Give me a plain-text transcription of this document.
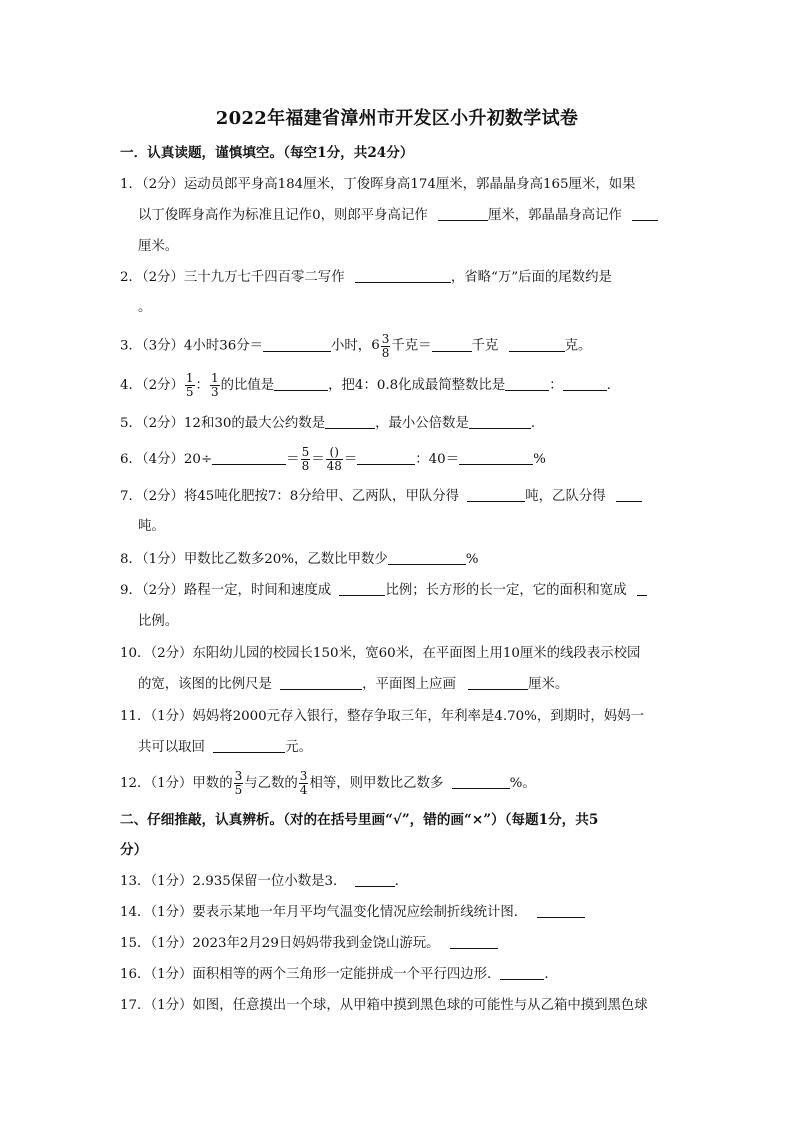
2022年福建省漳州市开发区小升初数学试卷
一．认真读题，谨慎填空。（每空1分，共24分）
1．（2分）运动员郎平身高184厘米，丁俊晖身高174厘米，郭晶晶身高165厘米，如果
以丁俊晖身高作为标准且记作0，则郎平身高记作	厘米，郭晶晶身高记作
厘米。
2．（2分）三十九万七千四百零二写作	，省略“万”后面的尾数约是
。
3．（3分）4小时36分＝	小时，$6 \frac{3}{8}$ 千克＝	千克	克。
4．（2分） $\frac{1}{5}$ ： $\frac{1}{3}$ 的比值是	，把4：0.8化成最简整数比是	：	.
5．（2分）12和30的最大公约数是	，最小公倍数是	.
6．（4分）20÷	＝ $\frac{5}{8} = \frac{()}{48}$ ＝	：40＝	%
7．（2分）将45吨化肥按7：8分给甲、乙两队，甲队分得	吨，乙队分得
吨。
8．（1分）甲数比乙数多20%，乙数比甲数少	%
9．（2分）路程一定，时间和速度成	比例；长方形的长一定，它的面积和宽成
比例。
10．（2分）东阳幼儿园的校园长150米，宽60米，在平面图上用10厘米的线段表示校园
的宽，该图的比例尺是	，平面图上应画	厘米。
11．（1分）妈妈将2000元存入银行，整存争取三年，年利率是4.70%，到期时，妈妈一
共可以取回	元。
12．（1分）甲数的 $\frac{3}{5}$ 与乙数的 $\frac{3}{4}$ 相等，则甲数比乙数多	%。
二、仔细推敲，认真辨析。（对的在括号里画“√”，错的画“×”）（每题1分，共5
分）
13．（1分）2.935保留一位小数是3．	.
14．（1分）要表示某地一年月平均气温变化情况应绘制折线统计图．
15．（1分）2023年2月29日妈妈带我到金饶山游玩。
16．（1分）面积相等的两个三角形一定能拼成一个平行四边形．	.
17．（1分）如图，任意摸出一个球，从甲箱中摸到黑色球的可能性与从乙箱中摸到黑色球
